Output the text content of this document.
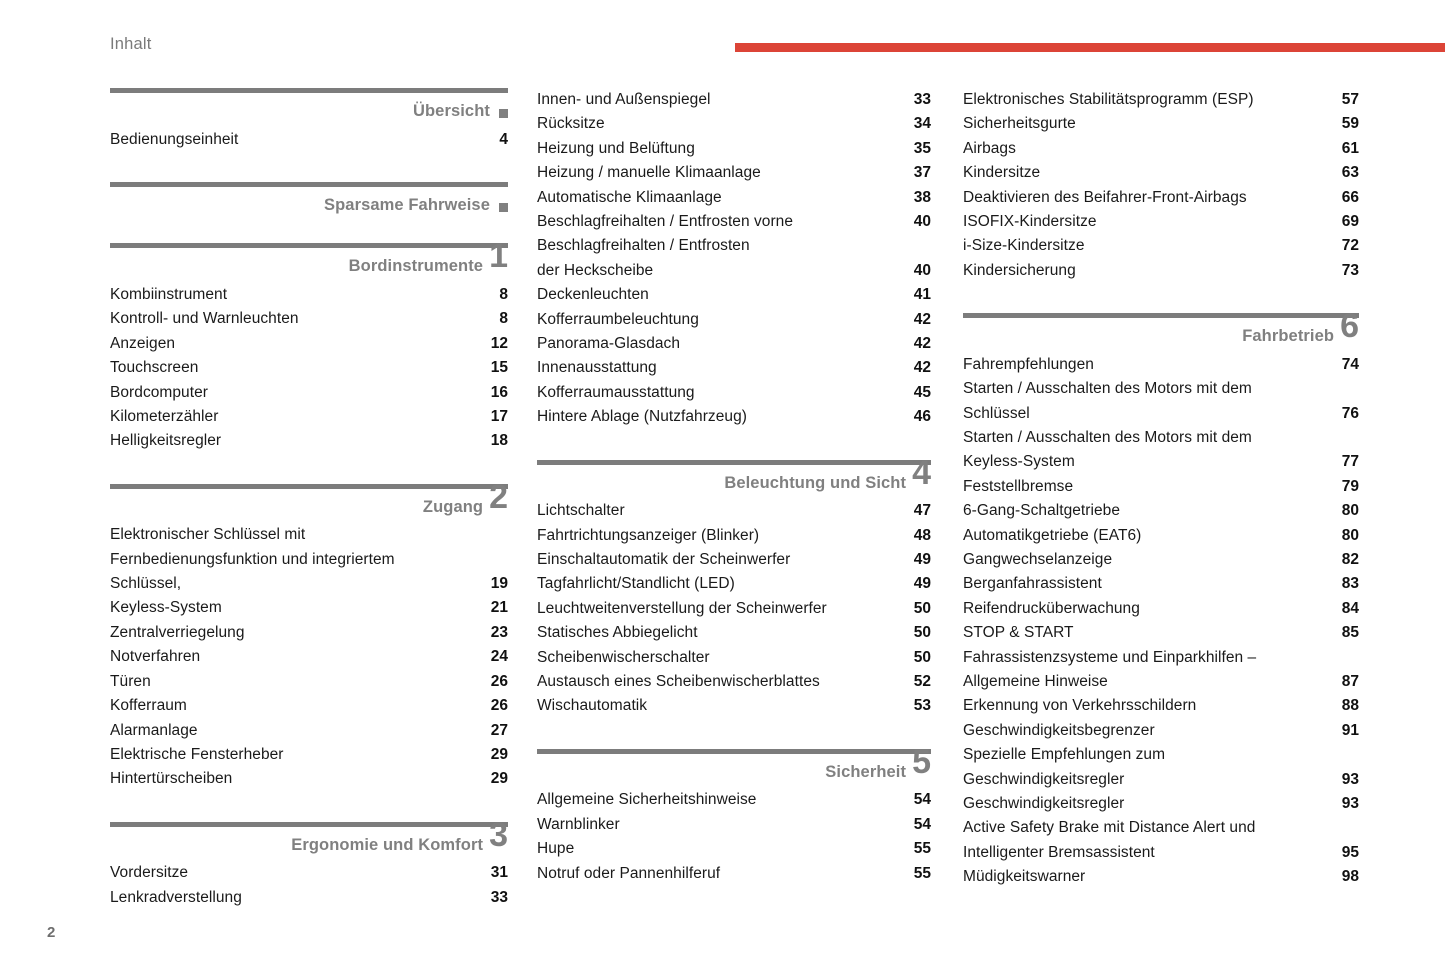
Inhalt
Übersicht
Bedienungseinheit	4
Sparsame Fahrweise
Bordinstrumente 1
Kombiinstrument	8
Kontroll- und Warnleuchten	8
Anzeigen	12
Touchscreen	15
Bordcomputer	16
Kilometerzähler	17
Helligkeitsregler	18
Zugang 2
Elektronischer Schlüssel mit
Fernbedienungsfunktion und integriertem
Schlüssel,	19
Keyless-System	21
Zentralverriegelung	23
Notverfahren	24
Türen	26
Kofferraum	26
Alarmanlage	27
Elektrische Fensterheber	29
Hintertürscheiben	29
Ergonomie und Komfort 3
Vordersitze	31
Lenkradverstellung	33
Innen- und Außenspiegel	33
Rücksitze	34
Heizung und Belüftung	35
Heizung / manuelle Klimaanlage	37
Automatische Klimaanlage	38
Beschlagfreihalten / Entfrosten vorne	40
Beschlagfreihalten / Entfrosten
der Heckscheibe	40
Deckenleuchten	41
Kofferraumbeleuchtung	42
Panorama-Glasdach	42
Innenausstattung	42
Kofferraumausstattung	45
Hintere Ablage (Nutzfahrzeug)	46
Beleuchtung und Sicht 4
Lichtschalter	47
Fahrtrichtungsanzeiger (Blinker)	48
Einschaltautomatik der Scheinwerfer	49
Tagfahrlicht/Standlicht (LED)	49
Leuchtweitenverstellung der Scheinwerfer	50
Statisches Abbiegelicht	50
Scheibenwischerschalter	50
Austausch eines Scheibenwischerblattes	52
Wischautomatik	53
Sicherheit 5
Allgemeine Sicherheitshinweise	54
Warnblinker	54
Hupe	55
Notruf oder Pannenhilferuf	55
Elektronisches Stabilitätsprogramm (ESP)	57
Sicherheitsgurte	59
Airbags	61
Kindersitze	63
Deaktivieren des Beifahrer-Front-Airbags	66
ISOFIX-Kindersitze	69
i-Size-Kindersitze	72
Kindersicherung	73
Fahrbetrieb 6
Fahrempfehlungen	74
Starten / Ausschalten des Motors mit dem
Schlüssel	76
Starten / Ausschalten des Motors mit dem
Keyless-System	77
Feststellbremse	79
6-Gang-Schaltgetriebe	80
Automatikgetriebe (EAT6)	80
Gangwechselanzeige	82
Berganfahrassistent	83
Reifendrucküberwachung	84
STOP & START	85
Fahrassistenzsysteme und Einparkhilfen –
Allgemeine Hinweise	87
Erkennung von Verkehrsschildern	88
Geschwindigkeitsbegrenzer	91
Spezielle Empfehlungen zum
Geschwindigkeitsregler	93
Geschwindigkeitsregler	93
Active Safety Brake mit Distance Alert und
Intelligenter Bremsassistent	95
Müdigkeitswarner	98
2
